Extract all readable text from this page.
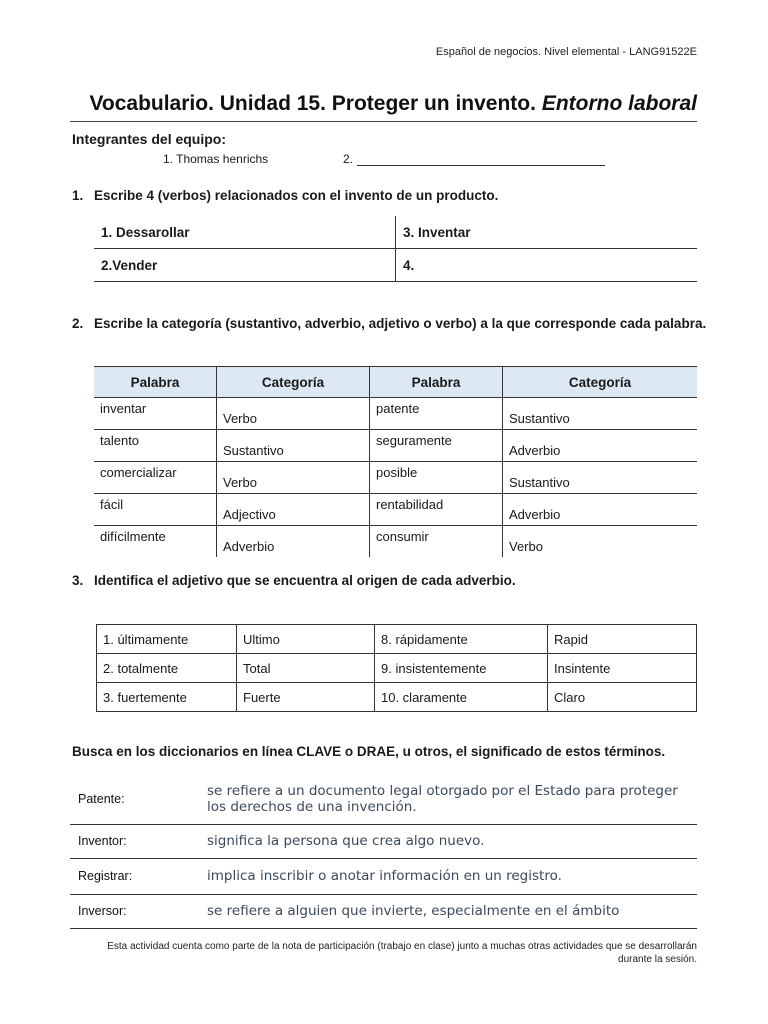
Español de negocios. Nivel elemental - LANG91522E
Vocabulario. Unidad 15. Proteger un invento. Entorno laboral
Integrantes del equipo:
1. Thomas henrichs	2.
1. Escribe 4 (verbos) relacionados con el invento de un producto.
1. Dessarollar	3. Inventar
2.Vender	4.
2. Escribe la categoría (sustantivo, adverbio, adjetivo o verbo) a la que corresponde cada palabra.
Palabra	Categoría	Palabra	Categoría
inventar	Verbo	patente	Sustantivo
talento	Sustantivo	seguramente	Adverbio
comercializar	Verbo	posible	Sustantivo
fácil	Adjectivo	rentabilidad	Adverbio
difícilmente	Adverbio	consumir	Verbo
3. Identifica el adjetivo que se encuentra al origen de cada adverbio.
1. últimamente	Ultimo	8. rápidamente	Rapid
2. totalmente	Total	9. insistentemente	Insintente
3. fuertemente	Fuerte	10. claramente	Claro
Busca en los diccionarios en línea CLAVE o DRAE, u otros, el significado de estos términos.
Patente:	se refiere a un documento legal otorgado por el Estado para proteger los derechos de una invención.
Inventor:	significa la persona que crea algo nuevo.
Registrar:	implica inscribir o anotar información en un registro.
Inversor:	se refiere a alguien que invierte, especialmente en el ámbito
Esta actividad cuenta como parte de la nota de participación (trabajo en clase) junto a muchas otras actividades que se desarrollarán durante la sesión.
